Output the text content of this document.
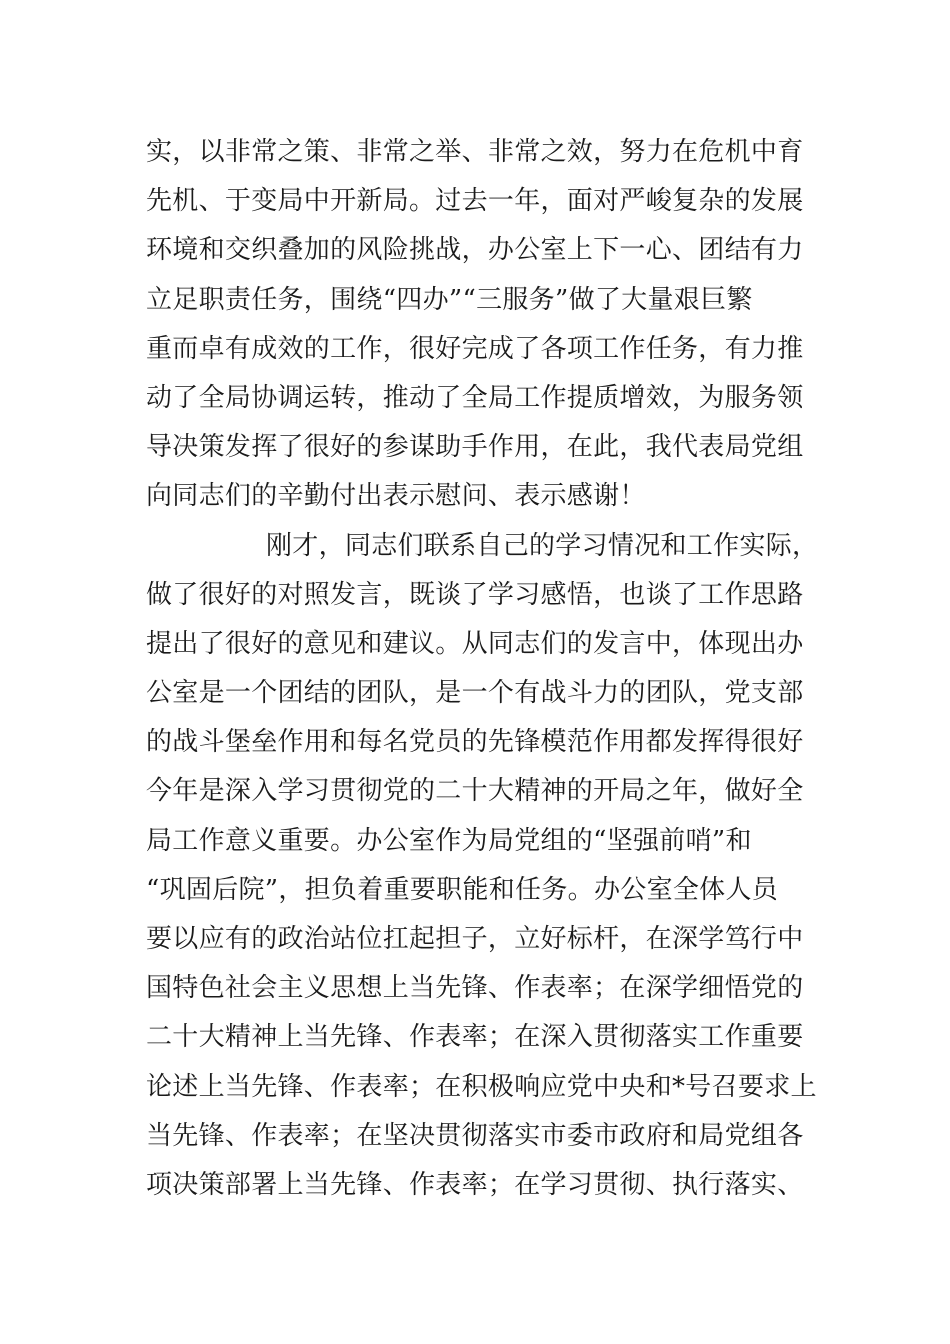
实，以非常之策、非常之举、非常之效，努力在危机中育
先机、于变局中开新局。过去一年，面对严峻复杂的发展
环境和交织叠加的风险挑战，办公室上下一心、团结有力
立足职责任务，围绕“四办”“三服务”做了大量艰巨繁
重而卓有成效的工作，很好完成了各项工作任务，有力推
动了全局协调运转，推动了全局工作提质增效，为服务领
导决策发挥了很好的参谋助手作用，在此，我代表局党组
向同志们的辛勤付出表示慰问、表示感谢！
刚才，同志们联系自己的学习情况和工作实际，
做了很好的对照发言，既谈了学习感悟，也谈了工作思路
提出了很好的意见和建议。从同志们的发言中，体现出办
公室是一个团结的团队，是一个有战斗力的团队，党支部
的战斗堡垒作用和每名党员的先锋模范作用都发挥得很好
今年是深入学习贯彻党的二十大精神的开局之年，做好全
局工作意义重要。办公室作为局党组的“坚强前哨”和
“巩固后院”，担负着重要职能和任务。办公室全体人员
要以应有的政治站位扛起担子，立好标杆，在深学笃行中
国特色社会主义思想上当先锋、作表率；在深学细悟党的
二十大精神上当先锋、作表率；在深入贯彻落实工作重要
论述上当先锋、作表率；在积极响应党中央和*号召要求上
当先锋、作表率；在坚决贯彻落实市委市政府和局党组各
项决策部署上当先锋、作表率；在学习贯彻、执行落实、
